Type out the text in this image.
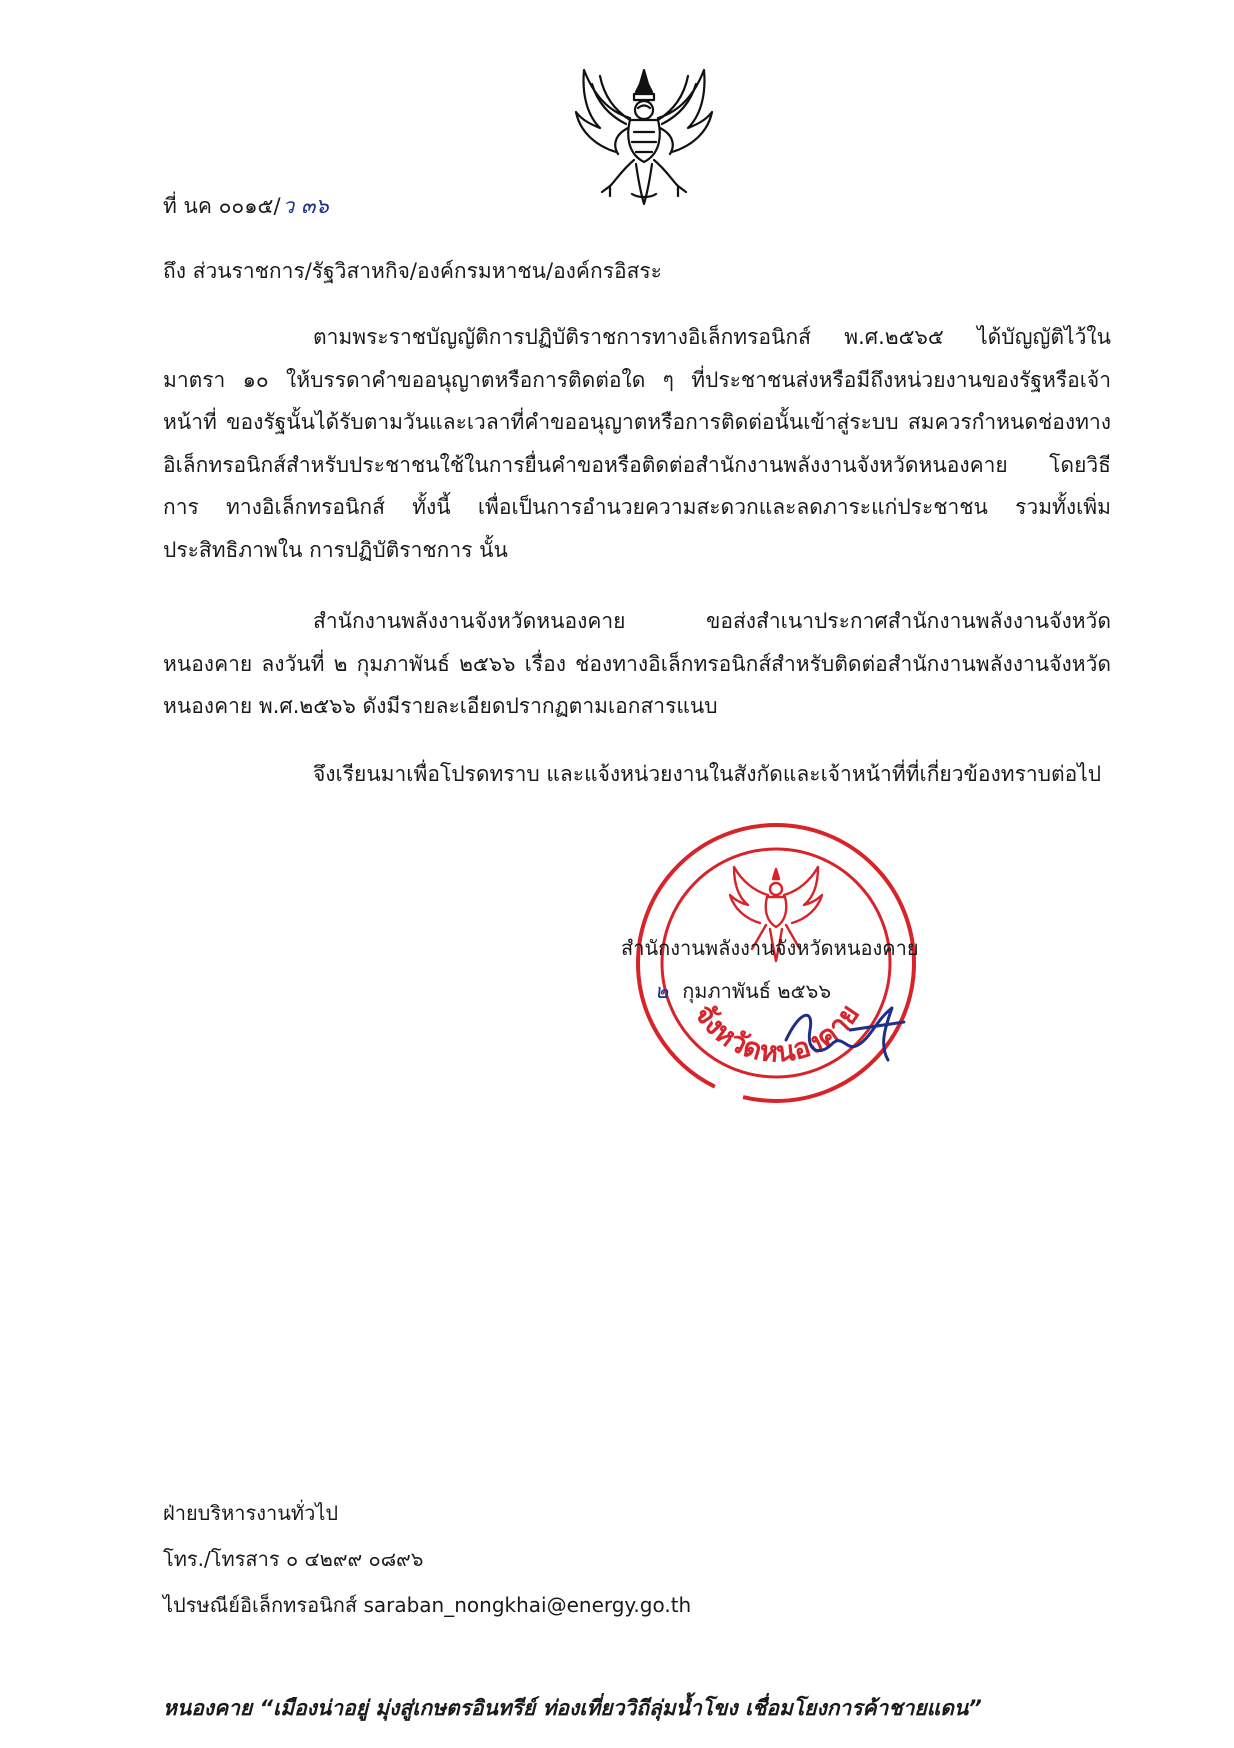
ที่ นค ๐๐๑๕/ว ๓๖
ถึง ส่วนราชการ/รัฐวิสาหกิจ/องค์กรมหาชน/องค์กรอิสระ

ตามพระราชบัญญัติการปฏิบัติราชการทางอิเล็กทรอนิกส์ พ.ศ.๒๕๖๕ ได้บัญญัติไว้ใน มาตรา ๑๐ ให้บรรดาคำขออนุญาตหรือการติดต่อใด ๆ ที่ประชาชนส่งหรือมีถึงหน่วยงานของรัฐหรือเจ้าหน้าที่ ของรัฐนั้นได้รับตามวันและเวลาที่คำขออนุญาตหรือการติดต่อนั้นเข้าสู่ระบบ สมควรกำหนดช่องทาง อิเล็กทรอนิกส์สำหรับประชาชนใช้ในการยื่นคำขอหรือติดต่อสำนักงานพลังงานจังหวัดหนองคาย โดยวิธีการ ทางอิเล็กทรอนิกส์ ทั้งนี้ เพื่อเป็นการอำนวยความสะดวกและลดภาระแก่ประชาชน รวมทั้งเพิ่มประสิทธิภาพใน การปฏิบัติราชการ นั้น

สำนักงานพลังงานจังหวัดหนองคาย ขอส่งสำเนาประกาศสำนักงานพลังงานจังหวัดหนองคาย ลงวันที่ ๒ กุมภาพันธ์ ๒๕๖๖ เรื่อง ช่องทางอิเล็กทรอนิกส์สำหรับติดต่อสำนักงานพลังงานจังหวัดหนองคาย พ.ศ.๒๕๖๖ ดังมีรายละเอียดปรากฏตามเอกสารแนบ

จึงเรียนมาเพื่อโปรดทราบ และแจ้งหน่วยงานในสังกัดและเจ้าหน้าที่ที่เกี่ยวข้องทราบต่อไป

จังหวัดหนองคาย
สำนักงานพลังงานจังหวัดหนองคาย
๒ กุมภาพันธ์ ๒๕๖๖
ฝ่ายบริหารงานทั่วไป
โทร./โทรสาร ๐ ๔๒๙๙ ๐๘๙๖
ไปรษณีย์อิเล็กทรอนิกส์ saraban_nongkhai@energy.go.th
หนองคาย “เมืองน่าอยู่ มุ่งสู่เกษตรอินทรีย์ ท่องเที่ยววิถีลุ่มน้ำโขง เชื่อมโยงการค้าชายแดน”
